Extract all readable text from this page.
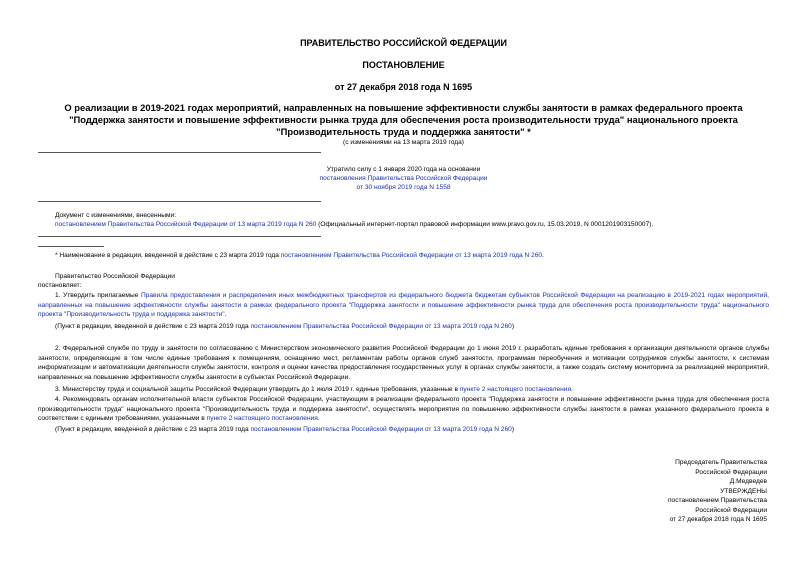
ПРАВИТЕЛЬСТВО РОССИЙСКОЙ ФЕДЕРАЦИИ
ПОСТАНОВЛЕНИЕ
от 27 декабря 2018 года N 1695
О реализации в 2019-2021 годах мероприятий, направленных на повышение эффективности службы занятости в рамках федерального проекта "Поддержка занятости и повышение эффективности рынка труда для обеспечения роста производительности труда" национального проекта "Производительность труда и поддержка занятости" *
(с изменениями на 13 марта 2019 года)
Утратило силу с 1 января 2020 года на основании
постановления Правительства Российской Федерации
от 30 ноября 2019 года N 1558
Документ с изменениями, внесенными:
постановлением Правительства Российской Федерации от 13 марта 2019 года N 260 (Официальный интернет-портал правовой информации www.pravo.gov.ru, 15.03.2019, N 0001201903150007).
* Наименование в редакции, введенной в действие с 23 марта 2019 года постановлением Правительства Российской Федерации от 13 марта 2019 года N 260.
Правительство Российской Федерации
постановляет:
1. Утвердить прилагаемые Правила предоставления и распределения иных межбюджетных трансфертов из федерального бюджета бюджетам субъектов Российской Федерации на реализацию в 2019-2021 годах мероприятий, направленных на повышение эффективности службы занятости в рамках федерального проекта "Поддержка занятости и повышение эффективности рынка труда для обеспечения роста производительности труда" национального проекта "Производительность труда и поддержка занятости".
(Пункт в редакции, введенной в действие с 23 марта 2019 года постановлением Правительства Российской Федерации от 13 марта 2019 года N 260)
2. Федеральной службе по труду и занятости по согласованию с Министерством экономического развития Российской Федерации до 1 июня 2019 г. разработать единые требования к организации деятельности органов службы занятости, определяющие в том числе единые требования к помещениям, оснащению мест, регламентам работы органов служб занятости, программам переобучения и мотивации сотрудников службы занятости, к системам информатизации и автоматизации деятельности службы занятости, контроля и оценки качества предоставления государственных услуг в органах службы занятости, а также создать систему мониторинга за реализацией мероприятий, направленных на повышение эффективности службы занятости в субъектах Российской Федерации.
3. Министерству труда и социальной защиты Российской Федерации утвердить до 1 июля 2019 г. единые требования, указанные в пункте 2 настоящего постановления.
4. Рекомендовать органам исполнительной власти субъектов Российской Федерации, участвующим в реализации федерального проекта "Поддержка занятости и повышение эффективности рынка труда для обеспечения роста производительности труда" национального проекта "Производительность труда и поддержка занятости", осуществлять мероприятия по повышению эффективности службы занятости в рамках указанного федерального проекта в соответствии с едиными требованиями, указанными в пункте 2 настоящего постановления.
(Пункт в редакции, введенной в действие с 23 марта 2019 года постановлением Правительства Российской Федерации от 13 марта 2019 года N 260)
Председатель Правительства
Российской Федерации
Д.Медведев
УТВЕРЖДЕНЫ
постановлением Правительства
Российской Федерации
от 27 декабря 2018 года N 1695
